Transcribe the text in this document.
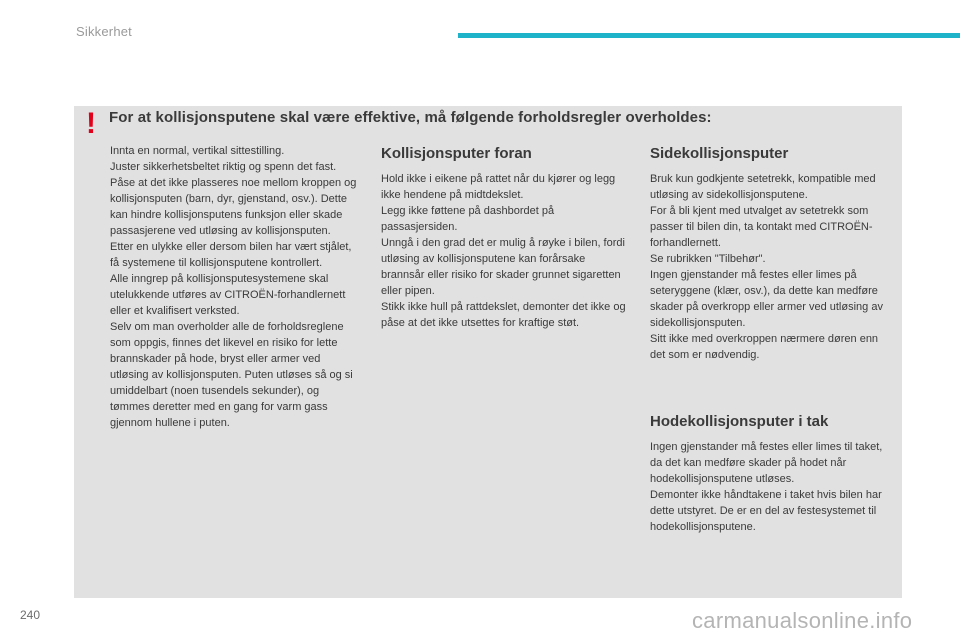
Sikkerhet
! For at kollisjonsputene skal være effektive, må følgende forholdsregler overholdes:

Innta en normal, vertikal sittestilling.
Juster sikkerhetsbeltet riktig og spenn det fast.
Påse at det ikke plasseres noe mellom kroppen og kollisjonsputen (barn, dyr, gjenstand, osv.). Dette kan hindre kollisjonsputens funksjon eller skade passasjerene ved utløsing av kollisjonsputen.
Etter en ulykke eller dersom bilen har vært stjålet, få systemene til kollisjonsputene kontrollert.
Alle inngrep på kollisjonsputesystemene skal utelukkende utføres av CITROËN-forhandlernett eller et kvalifisert verksted.
Selv om man overholder alle de forholdsreglene som oppgis, finnes det likevel en risiko for lette brannskader på hode, bryst eller armer ved utløsing av kollisjonsputen. Puten utløses så og si umiddelbart (noen tusendels sekunder), og tømmes deretter med en gang for varm gass gjennom hullene i puten.

Kollisjonsputer foran

Hold ikke i eikene på rattet når du kjører og legg ikke hendene på midtdekslet.
Legg ikke føttene på dashbordet på passasjersiden.
Unngå i den grad det er mulig å røyke i bilen, fordi utløsing av kollisjonsputene kan forårsake brannsår eller risiko for skader grunnet sigaretten eller pipen.
Stikk ikke hull på rattdekslet, demonter det ikke og påse at det ikke utsettes for kraftige støt.

Sidekollisjonsputer

Bruk kun godkjente setetrekk, kompatible med utløsing av sidekollisjonsputene.
For å bli kjent med utvalget av setetrekk som passer til bilen din, ta kontakt med CITROËN-forhandlernett.
Se rubrikken "Tilbehør".
Ingen gjenstander må festes eller limes på seteryggene (klær, osv.), da dette kan medføre skader på overkropp eller armer ved utløsing av sidekollisjonsputen.
Sitt ikke med overkroppen nærmere døren enn det som er nødvendig.

Hodekollisjonsputer i tak

Ingen gjenstander må festes eller limes til taket, da det kan medføre skader på hodet når hodekollisjonsputene utløses.
Demonter ikke håndtakene i taket hvis bilen har dette utstyret. De er en del av festesystemet til hodekollisjonsputene.

240	carmanualsonline.info
